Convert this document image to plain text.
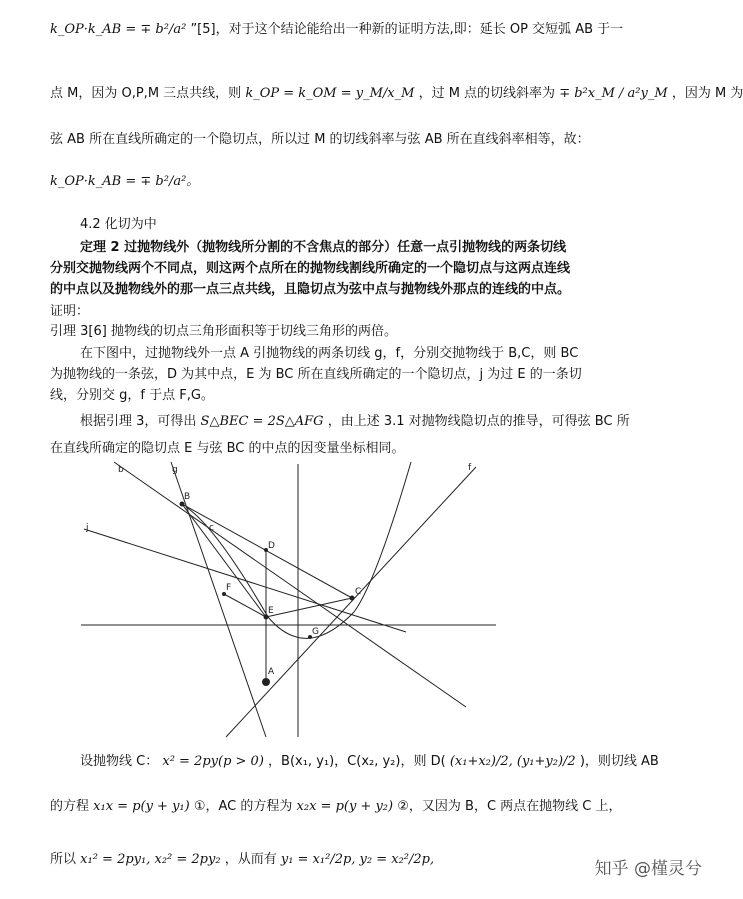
k_OP·k_AB = ∓ b²/a² ”[5]，对于这个结论能给出一种新的证明方法,即：延长 OP 交短弧 AB 于一
点 M，因为 O,P,M 三点共线，则 k_OP = k_OM = y_M/x_M ，过 M 点的切线斜率为 ∓ b²x_M / a²y_M ，因为 M 为
弦 AB 所在直线所确定的一个隐切点，所以过 M 的切线斜率与弦 AB 所在直线斜率相等，故：
k_OP·k_AB = ∓ b²/a²。
4.2 化切为中
定理 2 过抛物线外（抛物线所分割的不含焦点的部分）任意一点引抛物线的两条切线
分别交抛物线两个不同点，则这两个点所在的抛物线割线所确定的一个隐切点与这两点连线
的中点以及抛物线外的那一点三点共线，且隐切点为弦中点与抛物线外那点的连线的中点。
证明：
引理 3[6] 抛物线的切点三角形面积等于切线三角形的两倍。
在下图中，过抛物线外一点 A 引抛物线的两条切线 g，f，分别交抛物线于 B,C，则 BC
为抛物线的一条弦，D 为其中点，E 为 BC 所在直线所确定的一个隐切点，j 为过 E 的一条切
线，分别交 g，f 于点 F,G。
根据引理 3，可得出 S△BEC = 2S△AFG ，由上述 3.1 对抛物线隐切点的推导，可得弦 BC 所
在直线所确定的隐切点 E 与弦 BC 的中点的因变量坐标相同。
b	g	f
j	c
B
C
D
E
F
G
A
设抛物线 C： x² = 2py(p > 0) ，B(x₁, y₁)，C(x₂, y₂)，则 D( (x₁+x₂)/2, (y₁+y₂)/2 )，则切线 AB
的方程 x₁x = p(y + y₁) ①，AC 的方程为 x₂x = p(y + y₂) ②，又因为 B，C 两点在抛物线 C 上，
所以 x₁² = 2py₁, x₂² = 2py₂ ，从而有 y₁ = x₁²/2p, y₂ = x₂²/2p,	知乎 @槿灵兮
